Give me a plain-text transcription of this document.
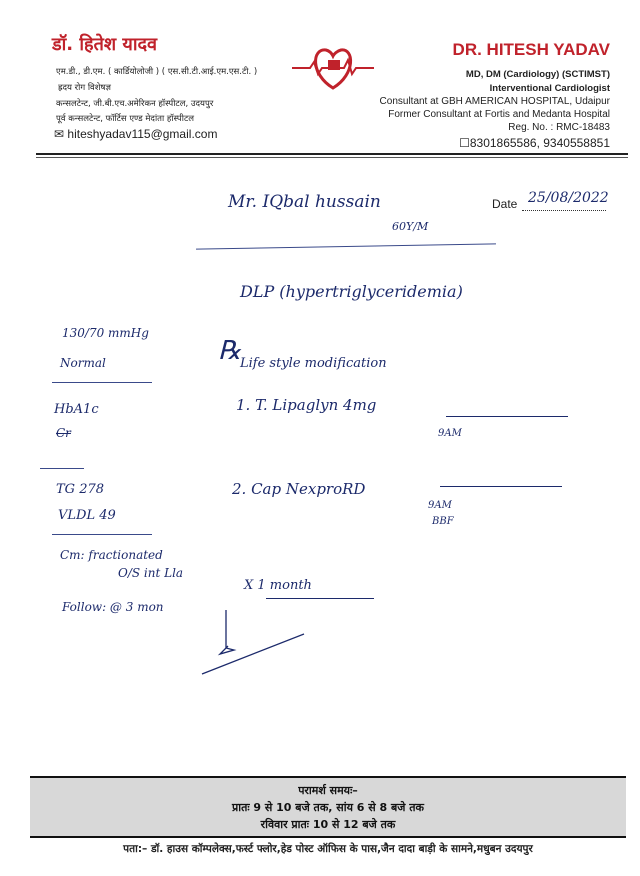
डॉ. हितेश यादव
एम.डी., डी.एम. ( कार्डियोलोजी ) ( एस.सी.टी.आई.एम.एस.टी. )
ह्रदय रोग विशेषज्ञ
कन्सलटेन्ट, जी.बी.एच.अमेरिकन हॉस्पीटल, उदयपुर
पूर्व कन्सलटेन्ट, फॉर्टिस एण्ड मेदांता हॉस्पीटल
✉ hiteshyadav115@gmail.com
DR. HITESH YADAV
MD, DM (Cardiology) (SCTIMST)
Interventional Cardiologist
Consultant at GBH AMERICAN HOSPITAL, Udaipur
Former Consultant at Fortis and Medanta Hospital
Reg. No. : RMC-18483
☐8301865586, 9340558851
Mr. IQbal hussain
60Y/M
Date 25/08/2022
DLP (hypertriglyceridemia)
130/70 mmHg
Normal
HbA1c
Cr
TG 278
VLDL 49
Cm: fractionated
O/S int Lla
Follow: @ 3 mon
℞
Life style modification
1. T. Lipaglyn 4mg
9AM
2. Cap NexproRD
9AM
BBF
X 1 month
परामर्श समयः–
प्रातः 9 से 10 बजे तक, सांय 6 से 8 बजे तक
रविवार प्रातः 10 से 12 बजे तक
पता:– डॉ. हाउस कॉम्पलेक्स,फर्स्ट फ्लोर,हेड पोस्ट ऑफिस के पास,जैन दादा बाड़ी के सामने,मधुबन उदयपुर
